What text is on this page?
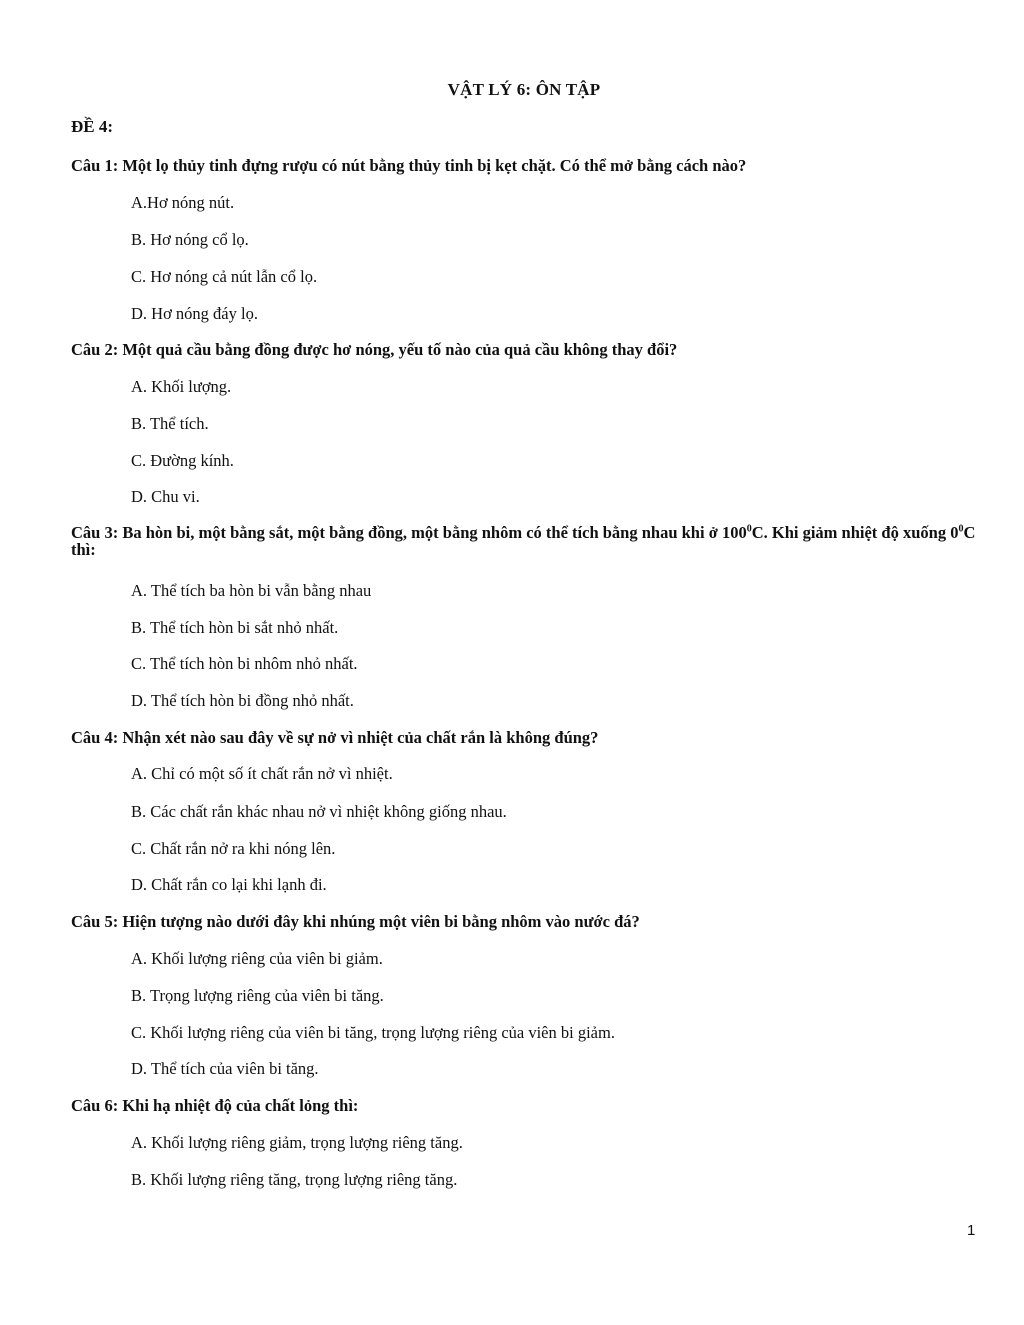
VẬT LÝ 6: ÔN TẬP
ĐỀ 4:
Câu 1: Một lọ thủy tinh đựng rượu có nút bằng thủy tinh bị kẹt chặt. Có thể mở bằng cách nào?
A.Hơ nóng nút.
B. Hơ nóng cổ lọ.
C. Hơ nóng cả nút lẫn cổ lọ.
D. Hơ nóng đáy lọ.
Câu 2: Một quả cầu bằng đồng được hơ nóng, yếu tố nào của quả cầu không thay đổi?
A. Khối lượng.
B. Thể tích.
C. Đường kính.
D. Chu vi.
Câu 3: Ba hòn bi, một bằng sắt, một bằng đồng, một bằng nhôm có thể tích bằng nhau khi ở $100^0C$. Khi giảm nhiệt độ xuống $0^0C$ thì:
A. Thể tích ba hòn bi vẫn bằng nhau
B. Thể tích hòn bi sắt nhỏ nhất.
C. Thể tích hòn bi nhôm nhỏ nhất.
D. Thể tích hòn bi đồng nhỏ nhất.
Câu 4: Nhận xét nào sau đây về sự nở vì nhiệt của chất rắn là không đúng?
A. Chỉ có một số ít chất rắn nở vì nhiệt.
B. Các chất rắn khác nhau nở vì nhiệt không giống nhau.
C. Chất rắn nở ra khi nóng lên.
D. Chất rắn co lại khi lạnh đi.
Câu 5: Hiện tượng nào dưới đây khi nhúng một viên bi bằng nhôm vào nước đá?
A. Khối lượng riêng của viên bi giảm.
B. Trọng lượng riêng của viên bi tăng.
C. Khối lượng riêng của viên bi tăng, trọng lượng riêng của viên bi giảm.
D. Thể tích của viên bi tăng.
Câu 6: Khi hạ nhiệt độ của chất lỏng thì:
A. Khối lượng riêng giảm, trọng lượng riêng tăng.
B. Khối lượng riêng tăng, trọng lượng riêng tăng.
1
